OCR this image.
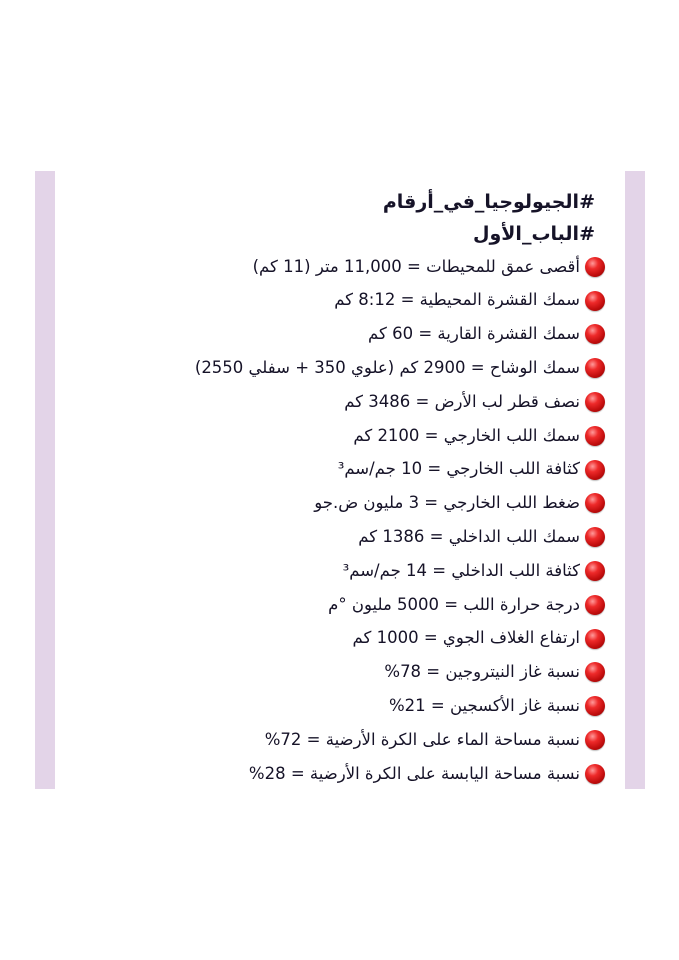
#الجيولوجيا_في_أرقام
#الباب_الأول
أقصى عمق للمحيطات = 11,000 متر (11 كم)
سمك القشرة المحيطية = 8:12 كم
سمك القشرة القارية = 60 كم
سمك الوشاح = 2900 كم (علوي 350 + سفلي 2550)
نصف قطر لب الأرض = 3486 كم
سمك اللب الخارجي = 2100 كم
كثافة اللب الخارجي = 10 جم/سم³
ضغط اللب الخارجي = 3 مليون ض.جو
سمك اللب الداخلي = 1386 كم
كثافة اللب الداخلي = 14 جم/سم³
درجة حرارة اللب = 5000 مليون °م
ارتفاع الغلاف الجوي = 1000 كم
نسبة غاز النيتروجين = 78%
نسبة غاز الأكسجين = 21%
نسبة مساحة الماء على الكرة الأرضية = 72%
نسبة مساحة اليابسة على الكرة الأرضية = 28%
